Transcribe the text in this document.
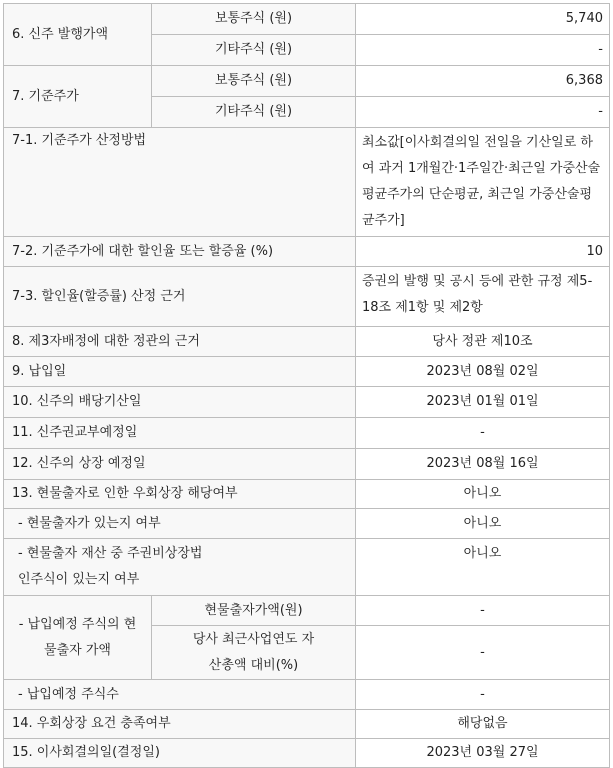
6. 신주 발행가액	보통주식 (원)	5,740
	기타주식 (원)	-
7. 기준주가	보통주식 (원)	6,368
	기타주식 (원)	-
7-1. 기준주가 산정방법		최소값[이사회결의일 전일을 기산일로 하여 과거 1개월간·1주일간·최근일 가중산술평균주가의 단순평균, 최근일 가중산술평균주가]
7-2. 기준주가에 대한 할인율 또는 할증율 (%)		10
7-3. 할인율(할증률) 산정 근거		증권의 발행 및 공시 등에 관한 규정 제5-18조 제1항 및 제2항
8. 제3자배정에 대한 정관의 근거		당사 정관 제10조
9. 납입일		2023년 08월 02일
10. 신주의 배당기산일		2023년 01월 01일
11. 신주권교부예정일		-
12. 신주의 상장 예정일		2023년 08월 16일
13. 현물출자로 인한 우회상장 해당여부		아니오
- 현물출자가 있는지 여부		아니오
- 현물출자 재산 중 주권비상장법인주식이 있는지 여부		아니오
- 납입예정 주식의 현물출자 가액	현물출자가액(원)	-
	당사 최근사업연도 자산총액 대비(%)	-
- 납입예정 주식수		-
14. 우회상장 요건 충족여부		해당없음
15. 이사회결의일(결정일)		2023년 03월 27일
